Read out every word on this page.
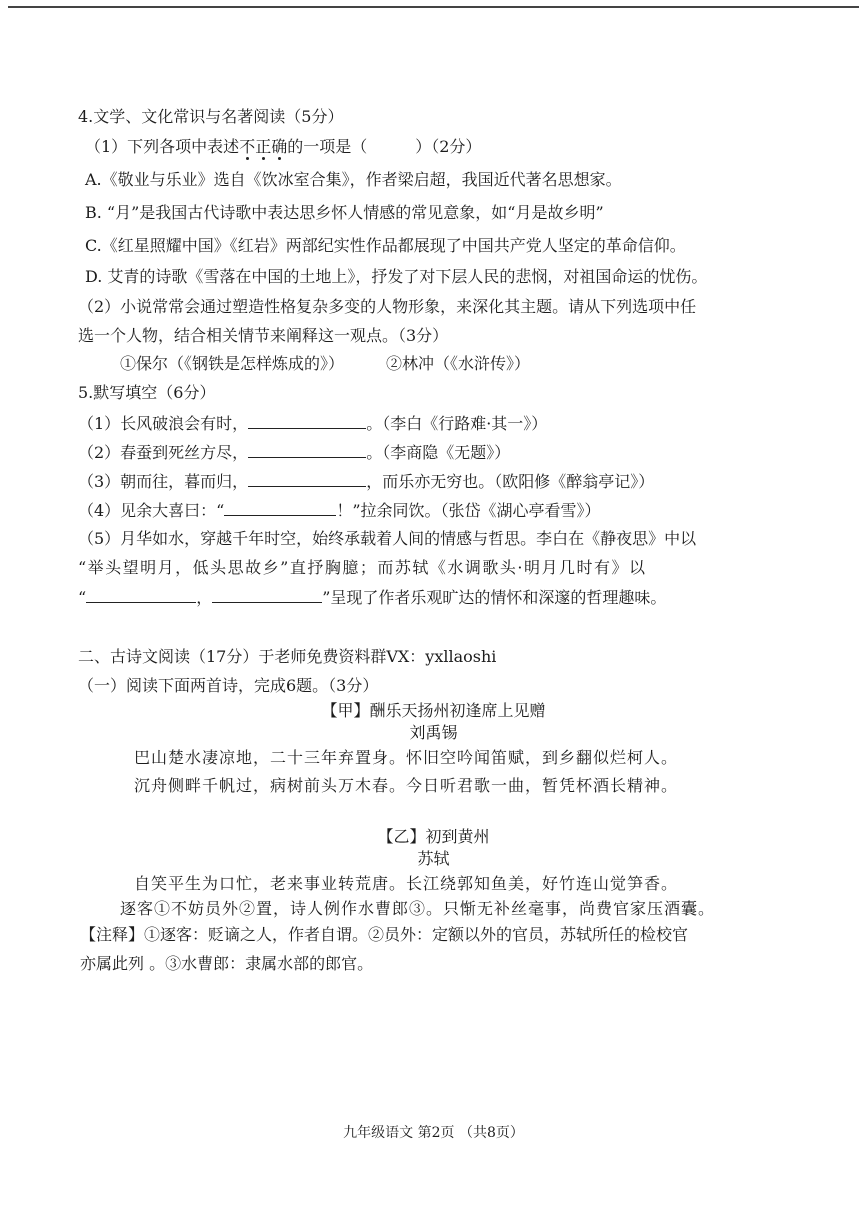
4.文学、文化常识与名著阅读（5分）
（1）下列各项中表述不正确的一项是（	）（2分）
A.《敬业与乐业》选自《饮冰室合集》，作者梁启超，我国近代著名思想家。
B. “月”是我国古代诗歌中表达思乡怀人情感的常见意象，如“月是故乡明”
C.《红星照耀中国》《红岩》两部纪实性作品都展现了中国共产党人坚定的革命信仰。
D. 艾青的诗歌《雪落在中国的土地上》，抒发了对下层人民的悲悯，对祖国命运的忧伤。
（2）小说常常会通过塑造性格复杂多变的人物形象，来深化其主题。请从下列选项中任
选一个人物，结合相关情节来阐释这一观点。（3分）
①保尔（《钢铁是怎样炼成的》）	②林冲（《水浒传》）
5.默写填空（6分）
（1）长风破浪会有时，	。（李白《行路难·其一》）
（2）春蚕到死丝方尽，	。（李商隐《无题》）
（3）朝而往，暮而归，	，而乐亦无穷也。（欧阳修《醉翁亭记》）
（4）见余大喜曰：“	！”拉余同饮。（张岱《湖心亭看雪》）
（5）月华如水，穿越千年时空，始终承载着人间的情感与哲思。李白在《静夜思》中以
“举头望明月，低头思故乡”直抒胸臆；而苏轼《水调歌头·明月几时有》以
“	，	”呈现了作者乐观旷达的情怀和深邃的哲理趣味。
二、古诗文阅读（17分）于老师免费资料群VX：yxllaoshi
（一）阅读下面两首诗，完成6题。（3分）
【甲】酬乐天扬州初逢席上见赠
刘禹锡
巴山楚水凄凉地，二十三年弃置身。怀旧空吟闻笛赋，到乡翻似烂柯人。
沉舟侧畔千帆过，病树前头万木春。今日听君歌一曲，暂凭杯酒长精神。
【乙】初到黄州
苏轼
自笑平生为口忙，老来事业转荒唐。长江绕郭知鱼美，好竹连山觉笋香。
逐客①不妨员外②置，诗人例作水曹郎③。只惭无补丝毫事，尚费官家压酒囊。
【注释】①逐客：贬谪之人，作者自谓。②员外：定额以外的官员，苏轼所任的检校官
亦属此列 。③水曹郎：隶属水部的郎官。
九年级语文 第2页 （共8页）
